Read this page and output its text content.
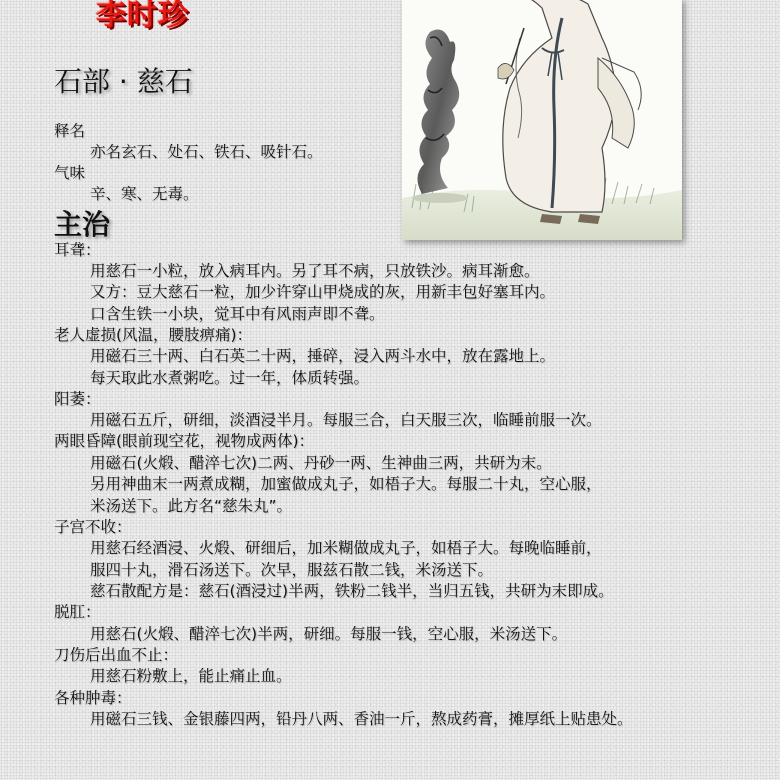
李时珍
石部 · 慈石
释名
亦名玄石、处石、铁石、吸针石。
气味
辛、寒、无毒。
主治
耳聋：
用慈石一小粒，放入病耳内。另了耳不病，只放铁沙。病耳渐愈。
又方：豆大慈石一粒，加少许穿山甲烧成的灰，用新丰包好塞耳内。
口含生铁一小块，觉耳中有风雨声即不聋。
老人虚损(风温，腰肢痹痛)：
用磁石三十两、白石英二十两，捶碎，浸入两斗水中，放在露地上。
每天取此水煮粥吃。过一年，体质转强。
阳萎：
用磁石五斤，研细，淡酒浸半月。每服三合，白天服三次，临睡前服一次。
两眼昏障(眼前现空花，视物成两体)：
用磁石(火煅、醋淬七次)二两、丹砂一两、生神曲三两，共研为末。
另用神曲末一两煮成糊，加蜜做成丸子，如梧子大。每服二十丸，空心服，
米汤送下。此方名“慈朱丸”。
子宫不收：
用慈石经酒浸、火煅、研细后，加米糊做成丸子，如梧子大。每晚临睡前，
服四十丸，滑石汤送下。次早，服兹石散二钱，米汤送下。
慈石散配方是：慈石(酒浸过)半两，铁粉二钱半，当归五钱，共研为末即成。
脱肛：
用慈石(火煅、醋淬七次)半两，研细。每服一钱，空心服，米汤送下。
刀伤后出血不止：
用慈石粉敷上，能止痛止血。
各种肿毒：
用磁石三钱、金银藤四两，铅丹八两、香油一斤，熬成药膏，摊厚纸上贴患处。
